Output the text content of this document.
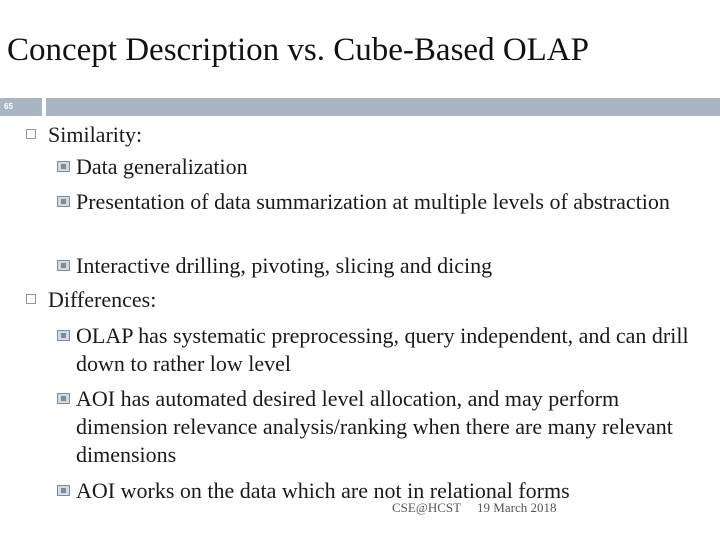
Concept Description vs. Cube-Based OLAP
65
Similarity:
Data generalization
Presentation of data summarization at multiple levels of abstraction
Interactive drilling, pivoting, slicing and dicing
Differences:
OLAP has systematic preprocessing, query independent, and can drill down to rather low level
AOI has automated desired level allocation, and may perform dimension relevance analysis/ranking when there are many relevant dimensions
AOI works on the data which are not in relational forms
CSE@HCST 19 March 2018
